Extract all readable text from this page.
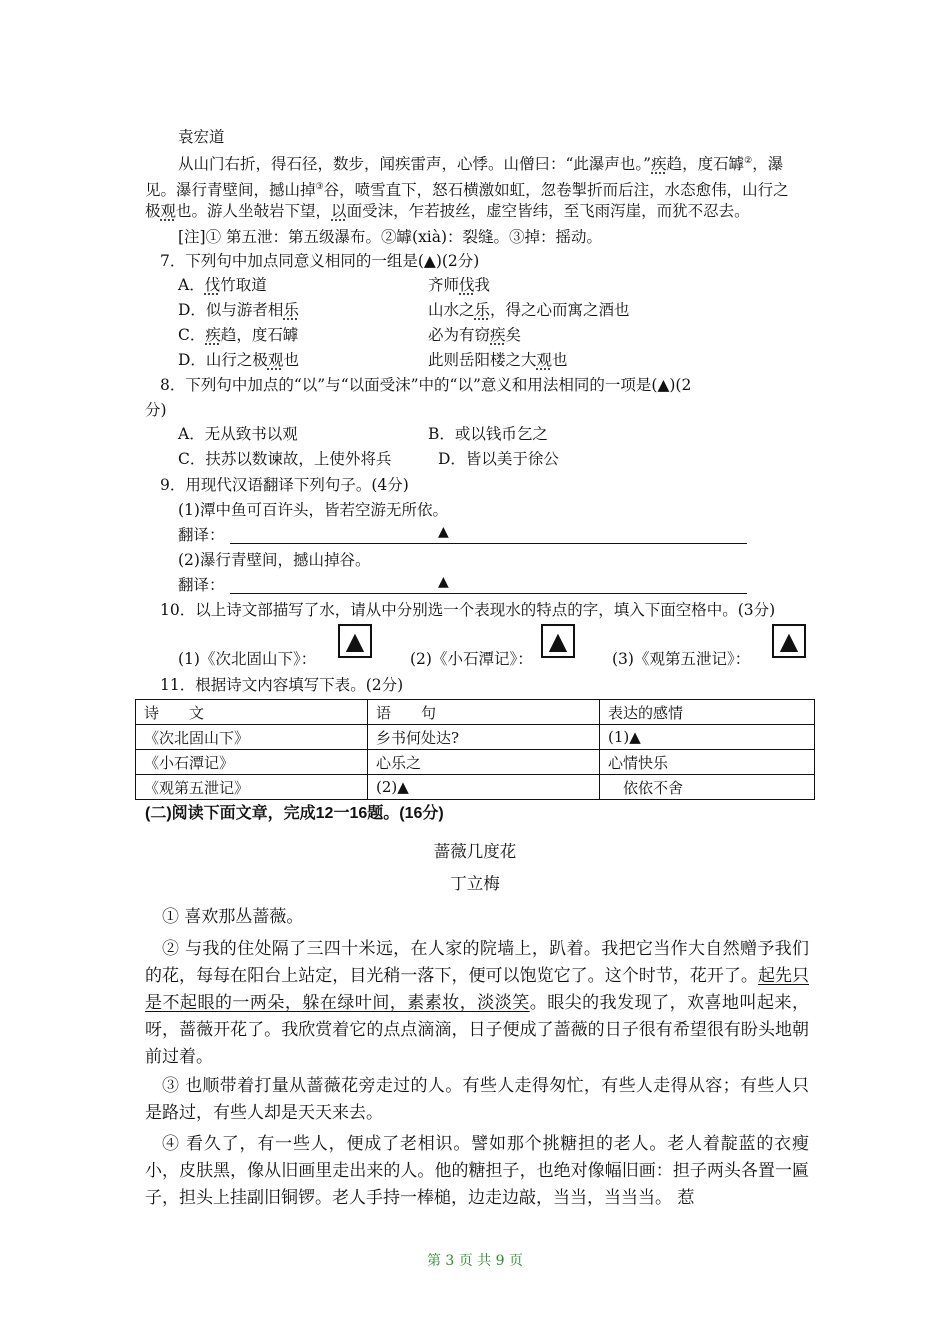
袁宏道
从山门右折，得石径，数步，闻疾雷声，心悸。山僧曰：“此瀑声也。”疾趋，度石罅②，瀑
见。瀑行青壁间，撼山掉③谷，喷雪直下，怒石横激如虹，忽卷掣折而后注，水态愈伟，山行之
极观也。游人坐敧岩下望，以面受沫，乍若披丝，虚空皆纬，至飞雨泻崖，而犹不忍去。
[注]① 第五泄：第五级瀑布。②罅(xià)：裂缝。③掉：摇动。
7．下列句中加点同意义相同的一组是(▲)(2分)
A．伐竹取道	齐师伐我
D．似与游者相乐	山水之乐，得之心而寓之酒也
C．疾趋，度石罅	必为有窃疾矣
D．山行之极观也	此则岳阳楼之大观也
8．下列句中加点的“以”与“以面受沫”中的“以”意义和用法相同的一项是(▲)(2
分)
A．无从致书以观	B．或以钱币乞之
C．扶苏以数谏故，上使外将兵	D．皆以美于徐公
9．用现代汉语翻译下列句子。(4分)
(1)潭中鱼可百许头，皆若空游无所依。
翻译：	▲
(2)瀑行青壁间，撼山掉谷。
翻译：	▲
10．以上诗文部描写了水，请从中分别选一个表现水的特点的字，填入下面空格中。(3分)
(1)《次北固山下》：
▲
(2)《小石潭记》：
▲
(3)《观第五泄记》：
▲
11．根据诗文内容填写下表。(2分)
诗　　文	语　　句	表达的感情
《次北固山下》	乡书何处达?	(1)▲
《小石潭记》	心乐之	心情快乐
《观第五泄记》	(2)▲	　依依不舍
(二)阅读下面文章，完成12一16题。(16分)
蔷薇几度花
丁立梅
① 喜欢那丛蔷薇。
② 与我的住处隔了三四十米远，在人家的院墙上，趴着。我把它当作大自然赠予我们的花，每每在阳台上站定，目光稍一落下，便可以饱览它了。这个时节，花开了。起先只是不起眼的一两朵，躲在绿叶间，素素妆，淡淡笑。眼尖的我发现了，欢喜地叫起来，呀，蔷薇开花了。我欣赏着它的点点滴滴，日子便成了蔷薇的日子很有希望很有盼头地朝前过着。
③ 也顺带着打量从蔷薇花旁走过的人。有些人走得匆忙，有些人走得从容；有些人只是路过，有些人却是天天来去。
④ 看久了，有一些人，便成了老相识。譬如那个挑糖担的老人。老人着靛蓝的衣瘦小，皮肤黑，像从旧画里走出来的人。他的糖担子，也绝对像幅旧画：担子两头各置一匾子，担头上挂副旧铜锣。老人手持一棒槌，边走边敲，当当，当当当。 惹
第 3 页 共 9 页
